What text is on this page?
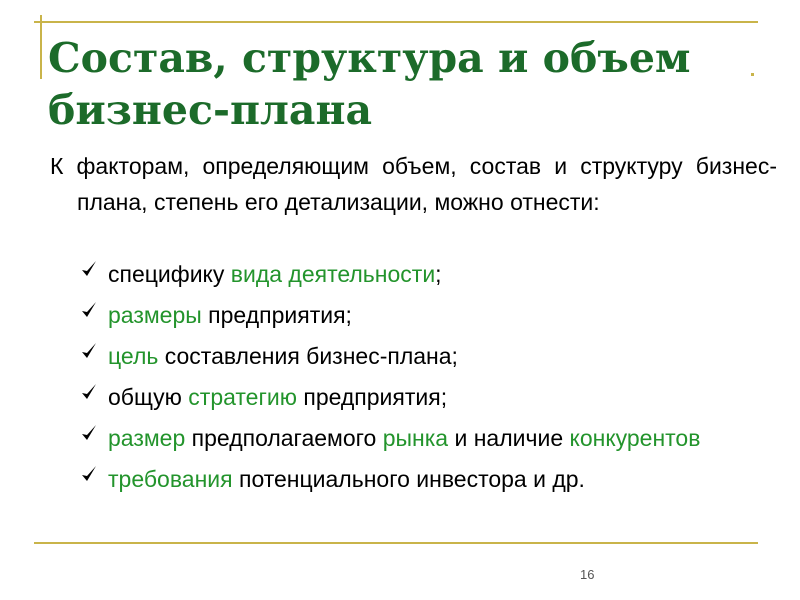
Состав, структура и объем бизнес-плана

К факторам, определяющим объем, состав и структуру бизнес-плана, степень его детализации, можно отнести:

специфику вида деятельности;
размеры предприятия;
цель составления бизнес-плана;
общую стратегию предприятия;
размер предполагаемого рынка и наличие конкурентов
требования потенциального инвестора и др.
16
